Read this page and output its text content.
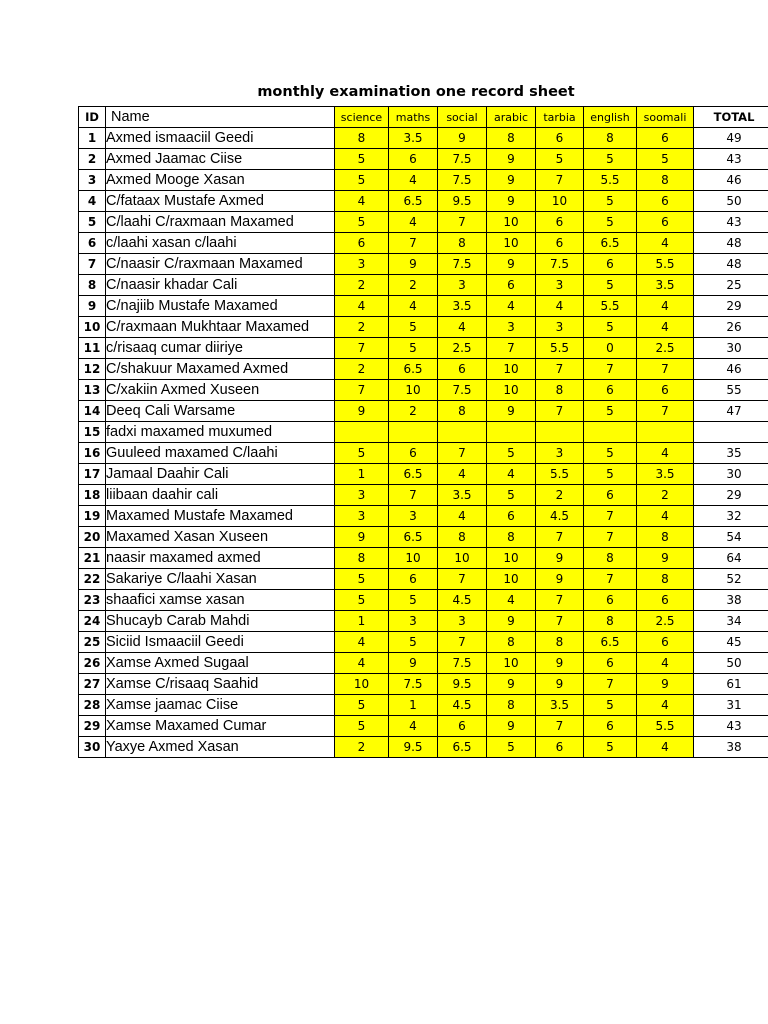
monthly examination one record sheet
ID	Name	science	maths	social	arabic	tarbia	english	soomali	TOTAL
1	Axmed ismaaciil Geedi	8	3.5	9	8	6	8	6	49
2	Axmed Jaamac Ciise	5	6	7.5	9	5	5	5	43
3	Axmed Mooge Xasan	5	4	7.5	9	7	5.5	8	46
4	C/fataax Mustafe Axmed	4	6.5	9.5	9	10	5	6	50
5	C/laahi C/raxmaan Maxamed	5	4	7	10	6	5	6	43
6	c/laahi xasan c/laahi	6	7	8	10	6	6.5	4	48
7	C/naasir C/raxmaan Maxamed	3	9	7.5	9	7.5	6	5.5	48
8	C/naasir khadar Cali	2	2	3	6	3	5	3.5	25
9	C/najiib Mustafe Maxamed	4	4	3.5	4	4	5.5	4	29
10	C/raxmaan Mukhtaar Maxamed	2	5	4	3	3	5	4	26
11	c/risaaq cumar diiriye	7	5	2.5	7	5.5	0	2.5	30
12	C/shakuur Maxamed Axmed	2	6.5	6	10	7	7	7	46
13	C/xakiin Axmed Xuseen	7	10	7.5	10	8	6	6	55
14	Deeq Cali Warsame	9	2	8	9	7	5	7	47
15	fadxi maxamed muxumed								
16	Guuleed maxamed C/laahi	5	6	7	5	3	5	4	35
17	Jamaal Daahir Cali	1	6.5	4	4	5.5	5	3.5	30
18	liibaan daahir cali	3	7	3.5	5	2	6	2	29
19	Maxamed Mustafe Maxamed	3	3	4	6	4.5	7	4	32
20	Maxamed Xasan Xuseen	9	6.5	8	8	7	7	8	54
21	naasir maxamed axmed	8	10	10	10	9	8	9	64
22	Sakariye C/laahi Xasan	5	6	7	10	9	7	8	52
23	shaafici xamse xasan	5	5	4.5	4	7	6	6	38
24	Shucayb Carab Mahdi	1	3	3	9	7	8	2.5	34
25	Siciid Ismaaciil Geedi	4	5	7	8	8	6.5	6	45
26	Xamse Axmed Sugaal	4	9	7.5	10	9	6	4	50
27	Xamse C/risaaq Saahid	10	7.5	9.5	9	9	7	9	61
28	Xamse jaamac Ciise	5	1	4.5	8	3.5	5	4	31
29	Xamse Maxamed Cumar	5	4	6	9	7	6	5.5	43
30	Yaxye Axmed Xasan	2	9.5	6.5	5	6	5	4	38
